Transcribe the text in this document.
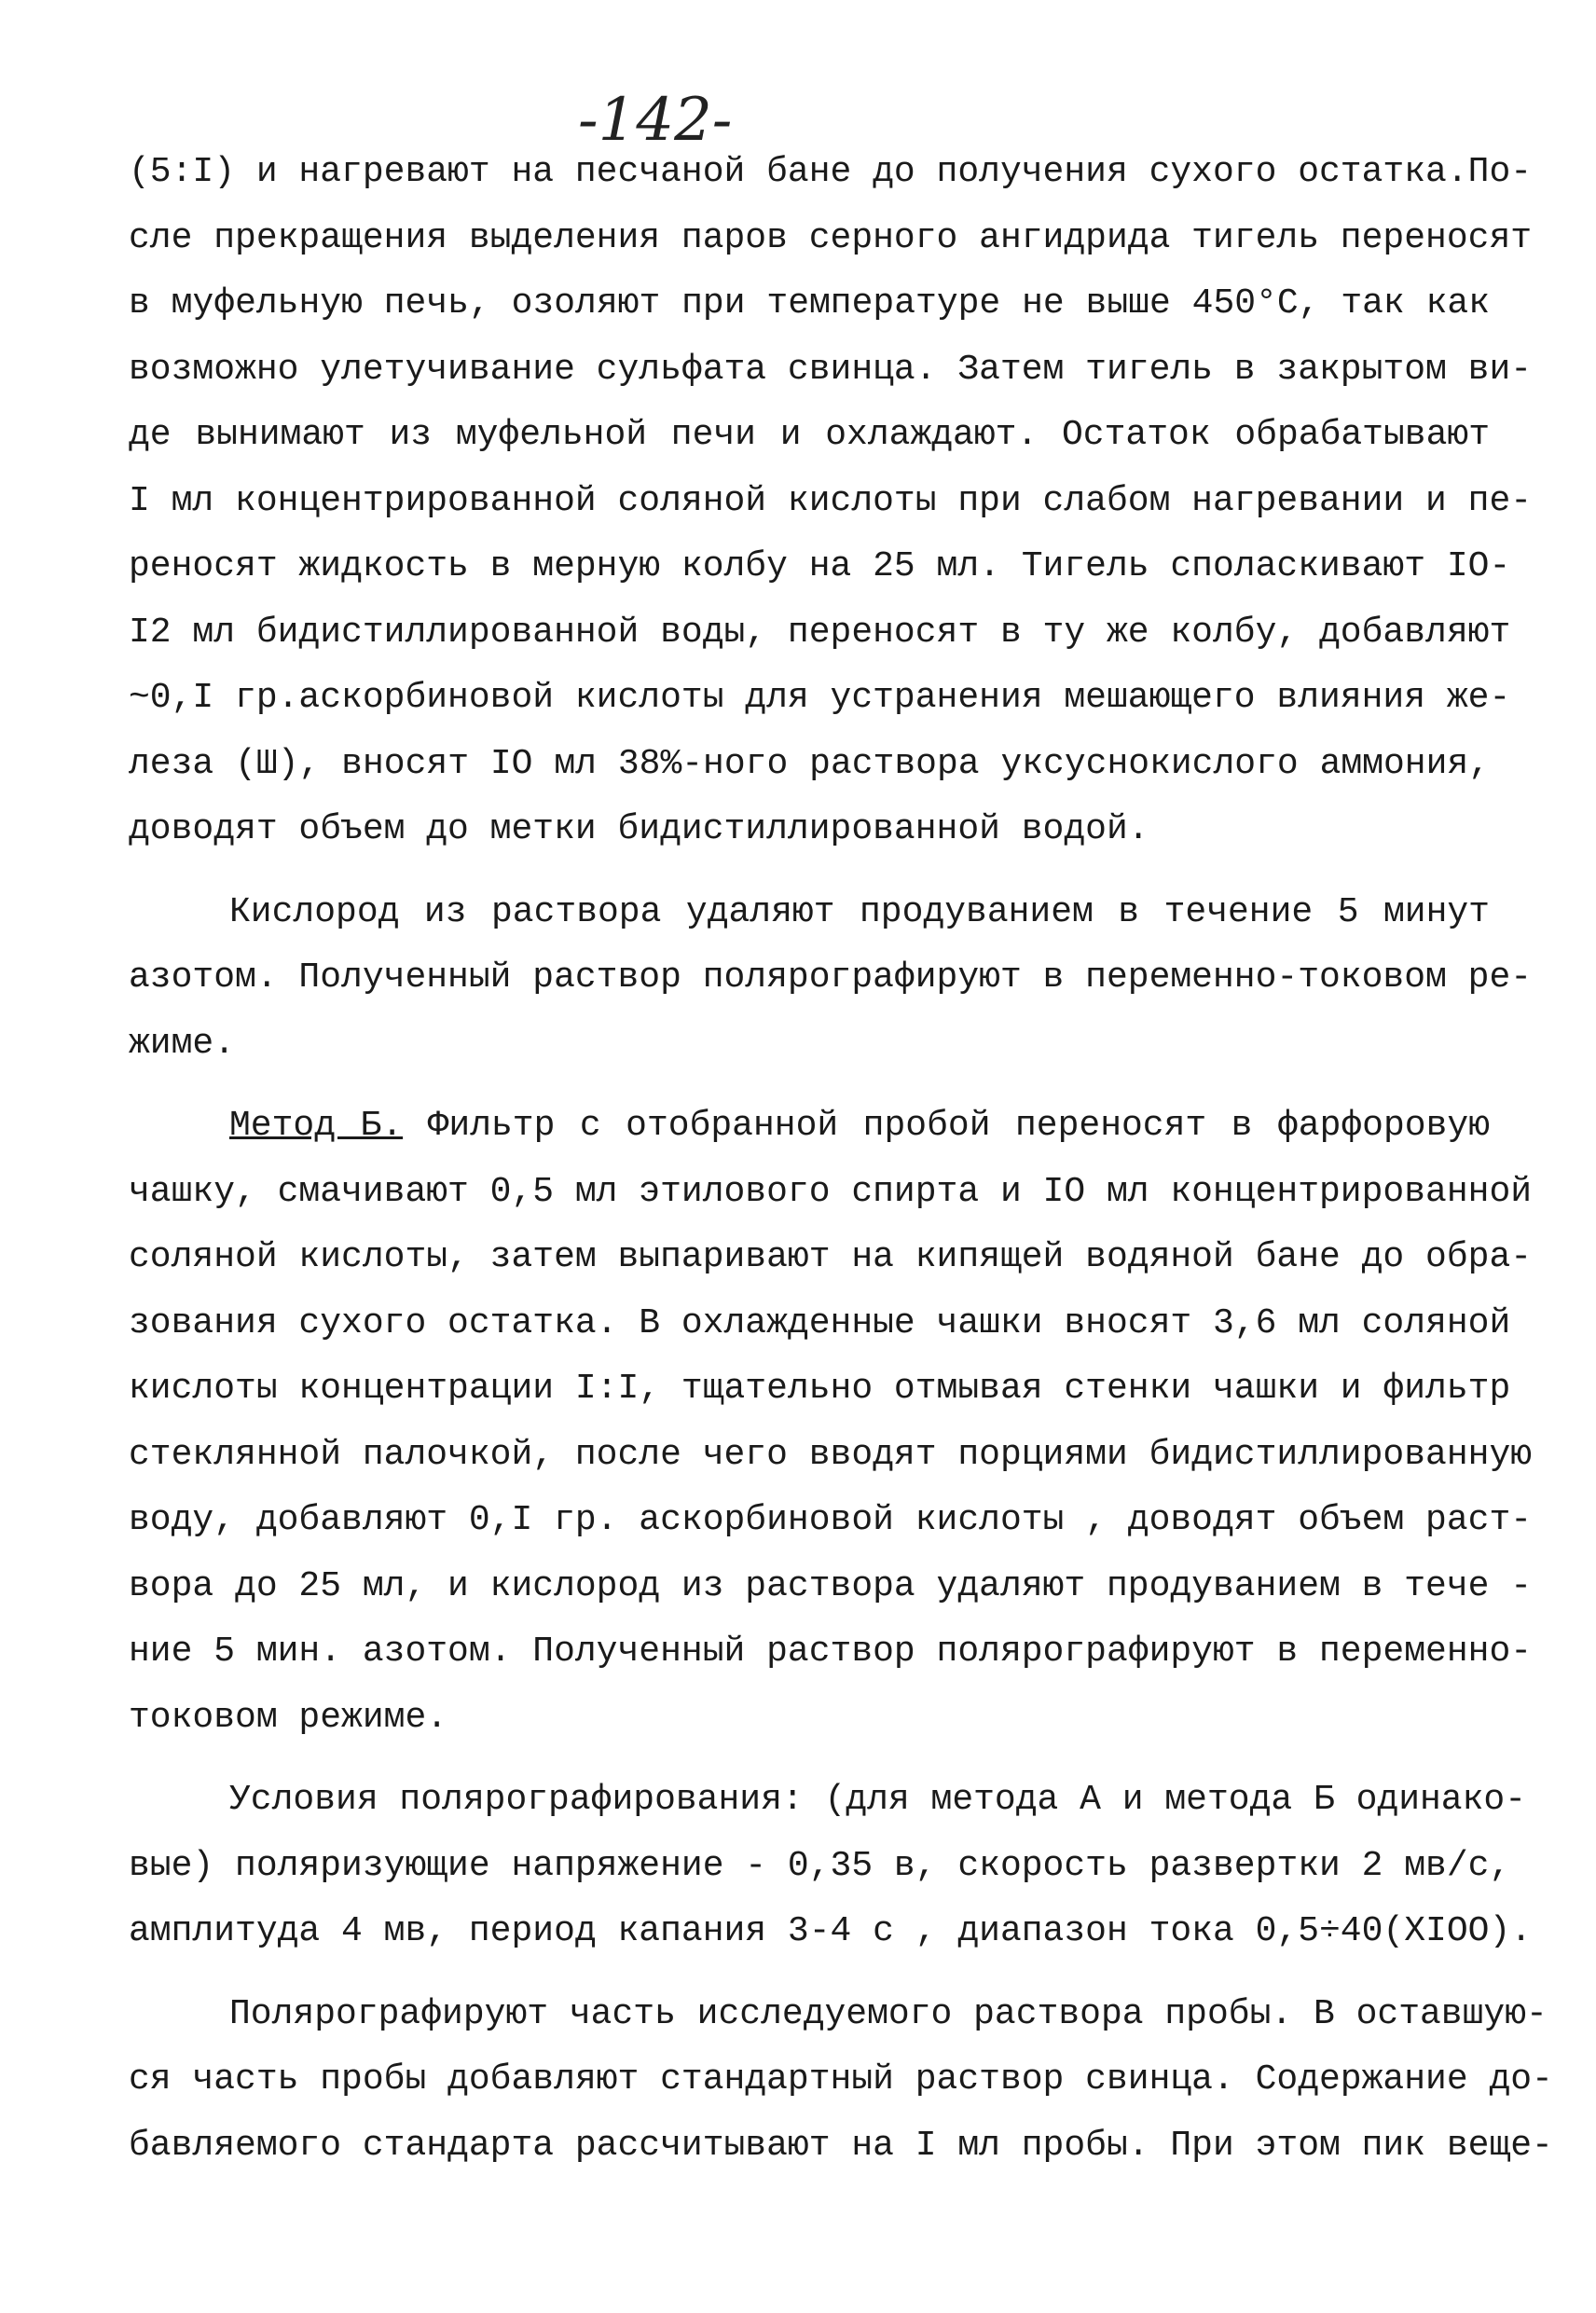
-142-
(5:I) и нагревают на песчаной бане до получения сухого остатка.По-
сле прекращения выделения паров серного ангидрида тигель переносят
в муфельную печь, озоляют при температуре не выше 450°С, так как
возможно улетучивание сульфата свинца. Затем тигель в закрытом ви-
де вынимают из муфельной печи и охлаждают. Остаток обрабатывают
I мл концентрированной соляной кислоты при слабом нагревании и пе-
реносят жидкость в мерную колбу на 25 мл. Тигель споласкивают IO-
I2 мл бидистиллированной воды, переносят в ту же колбу, добавляют
~0,I гр.аскорбиновой кислоты для устранения мешающего влияния же-
леза (Ш), вносят IO мл 38%-ного раствора уксуснокислого аммония,
доводят объем до метки бидистиллированной водой.
Кислород из раствора удаляют продуванием в течение 5 минут
азотом. Полученный раствор полярографируют в переменно-токовом ре-
жиме.
Метод Б. Фильтр с отобранной пробой переносят в фарфоровую
чашку, смачивают 0,5 мл этилового спирта и IO мл концентрированной
соляной кислоты, затем выпаривают на кипящей водяной бане до обра-
зования сухого остатка. В охлажденные чашки вносят 3,6 мл соляной
кислоты концентрации I:I, тщательно отмывая стенки чашки и фильтр
стеклянной палочкой, после чего вводят порциями бидистиллированную
воду, добавляют 0,I гр. аскорбиновой кислоты , доводят объем раст-
вора до 25 мл, и кислород из раствора удаляют продуванием в тече -
ние 5 мин. азотом. Полученный раствор полярографируют в переменно-
токовом режиме.
Условия полярографирования: (для метода А и метода Б одинако-
вые) поляризующие напряжение - 0,35 в, скорость развертки 2 мв/с,
амплитуда 4 мв, период капания 3-4 с , диапазон тока 0,5÷40(XIOO).
Полярографируют часть исследуемого раствора пробы. В оставшую-
ся часть пробы добавляют стандартный раствор свинца. Содержание до-
бавляемого стандарта рассчитывают на I мл пробы. При этом пик веще-
